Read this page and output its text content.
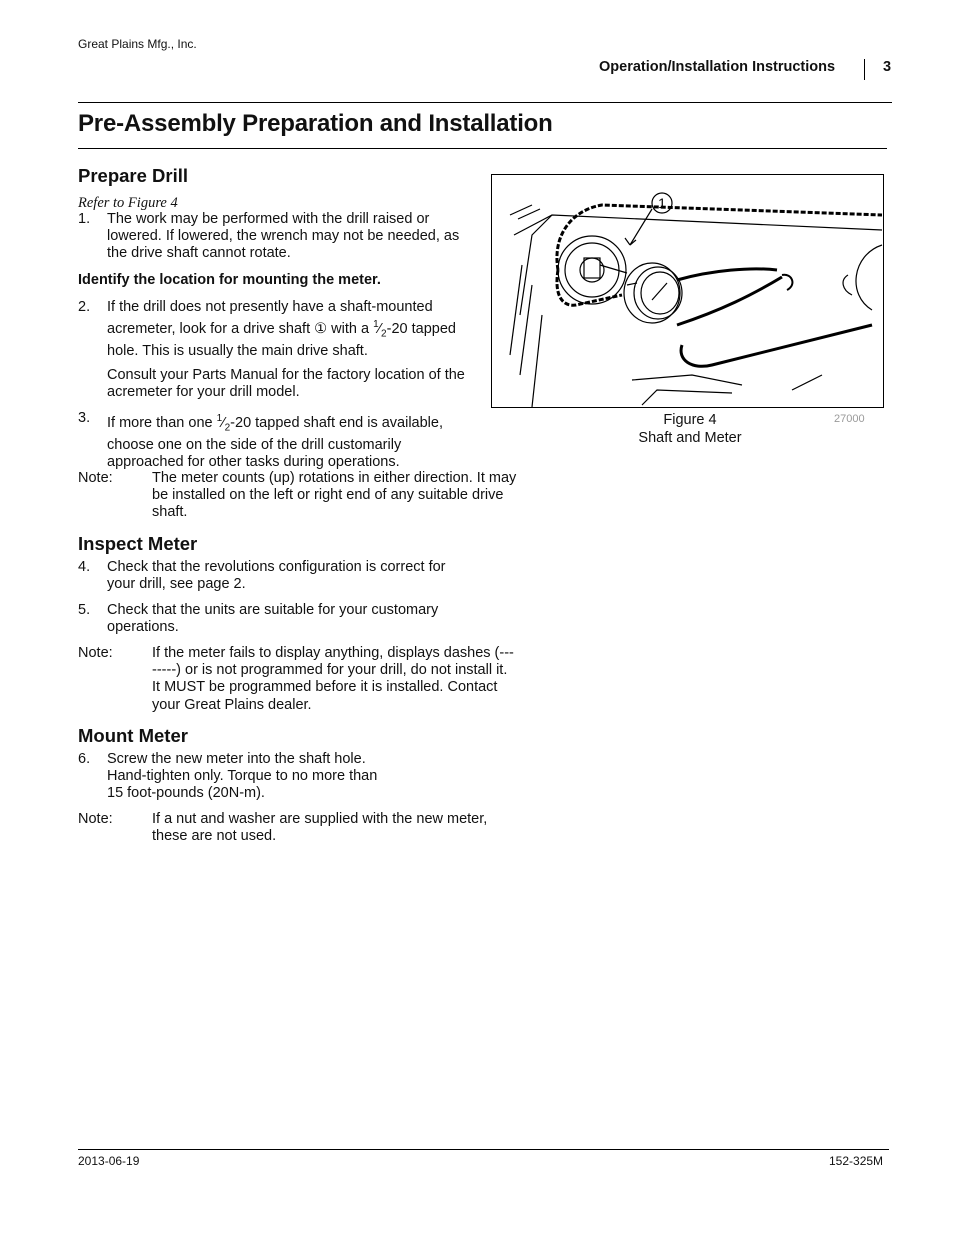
Great Plains Mfg., Inc.
Operation/Installation Instructions	3
Pre-Assembly Preparation and Installation
Prepare Drill
Refer to Figure 4
1. The work may be performed with the drill raised or lowered. If lowered, the wrench may not be needed, as the drive shaft cannot rotate.
Identify the location for mounting the meter.
2. If the drill does not presently have a shaft-mounted acremeter, look for a drive shaft ① with a $^1⁄_2-20$ tapped hole. This is usually the main drive shaft.
Consult your Parts Manual for the factory location of the acremeter for your drill model.
3. If more than one $^1⁄_2-20$ tapped shaft end is available, choose one on the side of the drill customarily approached for other tasks during operations.
Note:	The meter counts (up) rotations in either direction. It may be installed on the left or right end of any suitable drive shaft.
Inspect Meter
4. Check that the revolutions configuration is correct for your drill, see page 2.
5. Check that the units are suitable for your customary operations.
Note:	If the meter fails to display anything, displays dashes (--------) or is not programmed for your drill, do not install it. It MUST be programmed before it is installed. Contact your Great Plains dealer.
Mount Meter
6. Screw the new meter into the shaft hole.
Hand-tighten only. Torque to no more than
15 foot-pounds (20N-m).
Note:	If a nut and washer are supplied with the new meter, these are not used.
1
Figure 4
Shaft and Meter
27000
2013-06-19	152-325M
